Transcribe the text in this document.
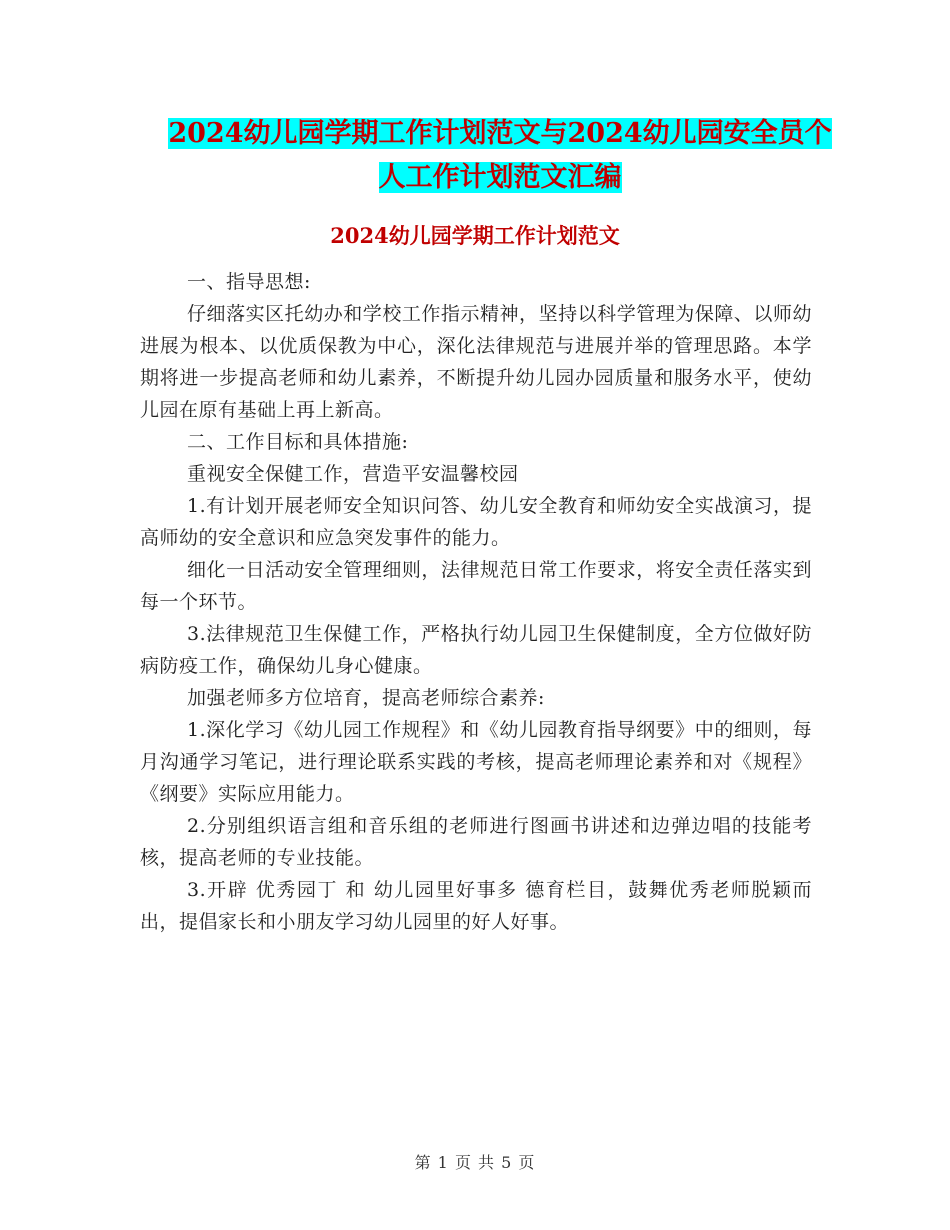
2024幼儿园学期工作计划范文与2024幼儿园安全员个
人工作计划范文汇编
2024幼儿园学期工作计划范文

一、指导思想:

仔细落实区托幼办和学校工作指示精神，坚持以科学管理为保障、以师幼进展为根本、以优质保教为中心，深化法律规范与进展并举的管理思路。本学期将进一步提高老师和幼儿素养，不断提升幼儿园办园质量和服务水平，使幼儿园在原有基础上再上新高。

二、工作目标和具体措施:

重视安全保健工作，营造平安温馨校园

1.有计划开展老师安全知识问答、幼儿安全教育和师幼安全实战演习，提高师幼的安全意识和应急突发事件的能力。

细化一日活动安全管理细则，法律规范日常工作要求，将安全责任落实到每一个环节。

3.法律规范卫生保健工作，严格执行幼儿园卫生保健制度，全方位做好防病防疫工作，确保幼儿身心健康。

加强老师多方位培育，提高老师综合素养:

1.深化学习《幼儿园工作规程》和《幼儿园教育指导纲要》中的细则，每月沟通学习笔记，进行理论联系实践的考核，提高老师理论素养和对《规程》《纲要》实际应用能力。

2.分别组织语言组和音乐组的老师进行图画书讲述和边弹边唱的技能考核，提高老师的专业技能。

3.开辟 优秀园丁 和 幼儿园里好事多 德育栏目，鼓舞优秀老师脱颖而出，提倡家长和小朋友学习幼儿园里的好人好事。

第 1 页 共 5 页
